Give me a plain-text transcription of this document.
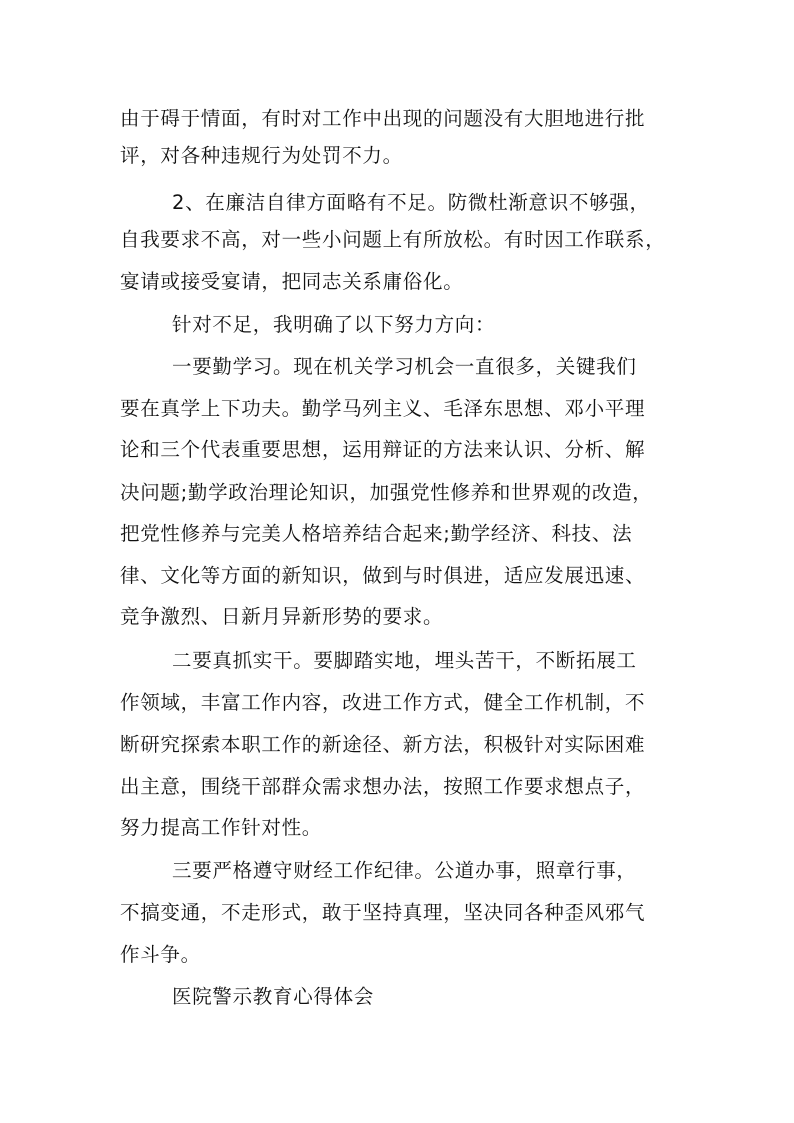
由于碍于情面，有时对工作中出现的问题没有大胆地进行批

评，对各种违规行为处罚不力。

2、在廉洁自律方面略有不足。防微杜渐意识不够强，

自我要求不高，对一些小问题上有所放松。有时因工作联系，

宴请或接受宴请，把同志关系庸俗化。

针对不足，我明确了以下努力方向：

一要勤学习。现在机关学习机会一直很多，关键我们

要在真学上下功夫。勤学马列主义、毛泽东思想、邓小平理

论和三个代表重要思想，运用辩证的方法来认识、分析、解

决问题;勤学政治理论知识，加强党性修养和世界观的改造，

把党性修养与完美人格培养结合起来;勤学经济、科技、法

律、文化等方面的新知识，做到与时俱进，适应发展迅速、

竞争激烈、日新月异新形势的要求。

二要真抓实干。要脚踏实地，埋头苦干，不断拓展工

作领域，丰富工作内容，改进工作方式，健全工作机制，不

断研究探索本职工作的新途径、新方法，积极针对实际困难

出主意，围绕干部群众需求想办法，按照工作要求想点子，

努力提高工作针对性。

三要严格遵守财经工作纪律。公道办事，照章行事，

不搞变通，不走形式，敢于坚持真理，坚决同各种歪风邪气

作斗争。

医院警示教育心得体会
